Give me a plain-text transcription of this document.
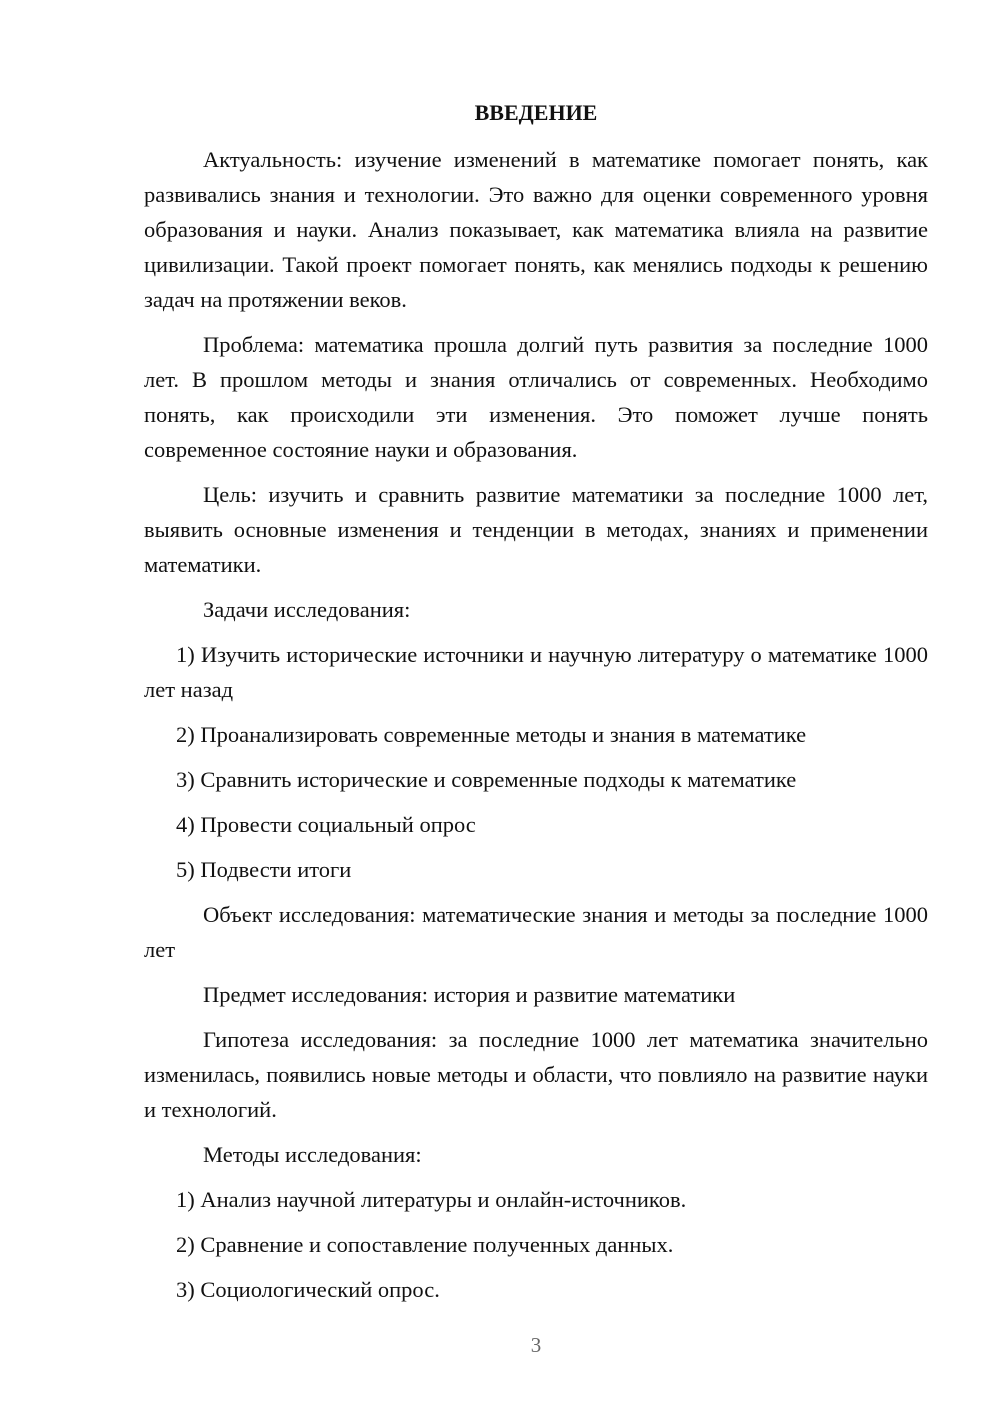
ВВЕДЕНИЕ

Актуальность: изучение изменений в математике помогает понять, как развивались знания и технологии. Это важно для оценки современного уровня образования и науки. Анализ показывает, как математика влияла на развитие цивилизации. Такой проект помогает понять, как менялись подходы к решению задач на протяжении веков.

Проблема: математика прошла долгий путь развития за последние 1000 лет. В прошлом методы и знания отличались от современных. Необходимо понять, как происходили эти изменения. Это поможет лучше понять современное состояние науки и образования.

Цель: изучить и сравнить развитие математики за последние 1000 лет, выявить основные изменения и тенденции в методах, знаниях и применении математики.

Задачи исследования:

1) Изучить исторические источники и научную литературу о математике 1000 лет назад

2) Проанализировать современные методы и знания в математике

3) Сравнить исторические и современные подходы к математике

4) Провести социальный опрос

5) Подвести итоги

Объект исследования: математические знания и методы за последние 1000 лет

Предмет исследования: история и развитие математики

Гипотеза исследования: за последние 1000 лет математика значительно изменилась, появились новые методы и области, что повлияло на развитие науки и технологий.

Методы исследования:

1) Анализ научной литературы и онлайн-источников.

2) Сравнение и сопоставление полученных данных.

3) Социологический опрос.

3
